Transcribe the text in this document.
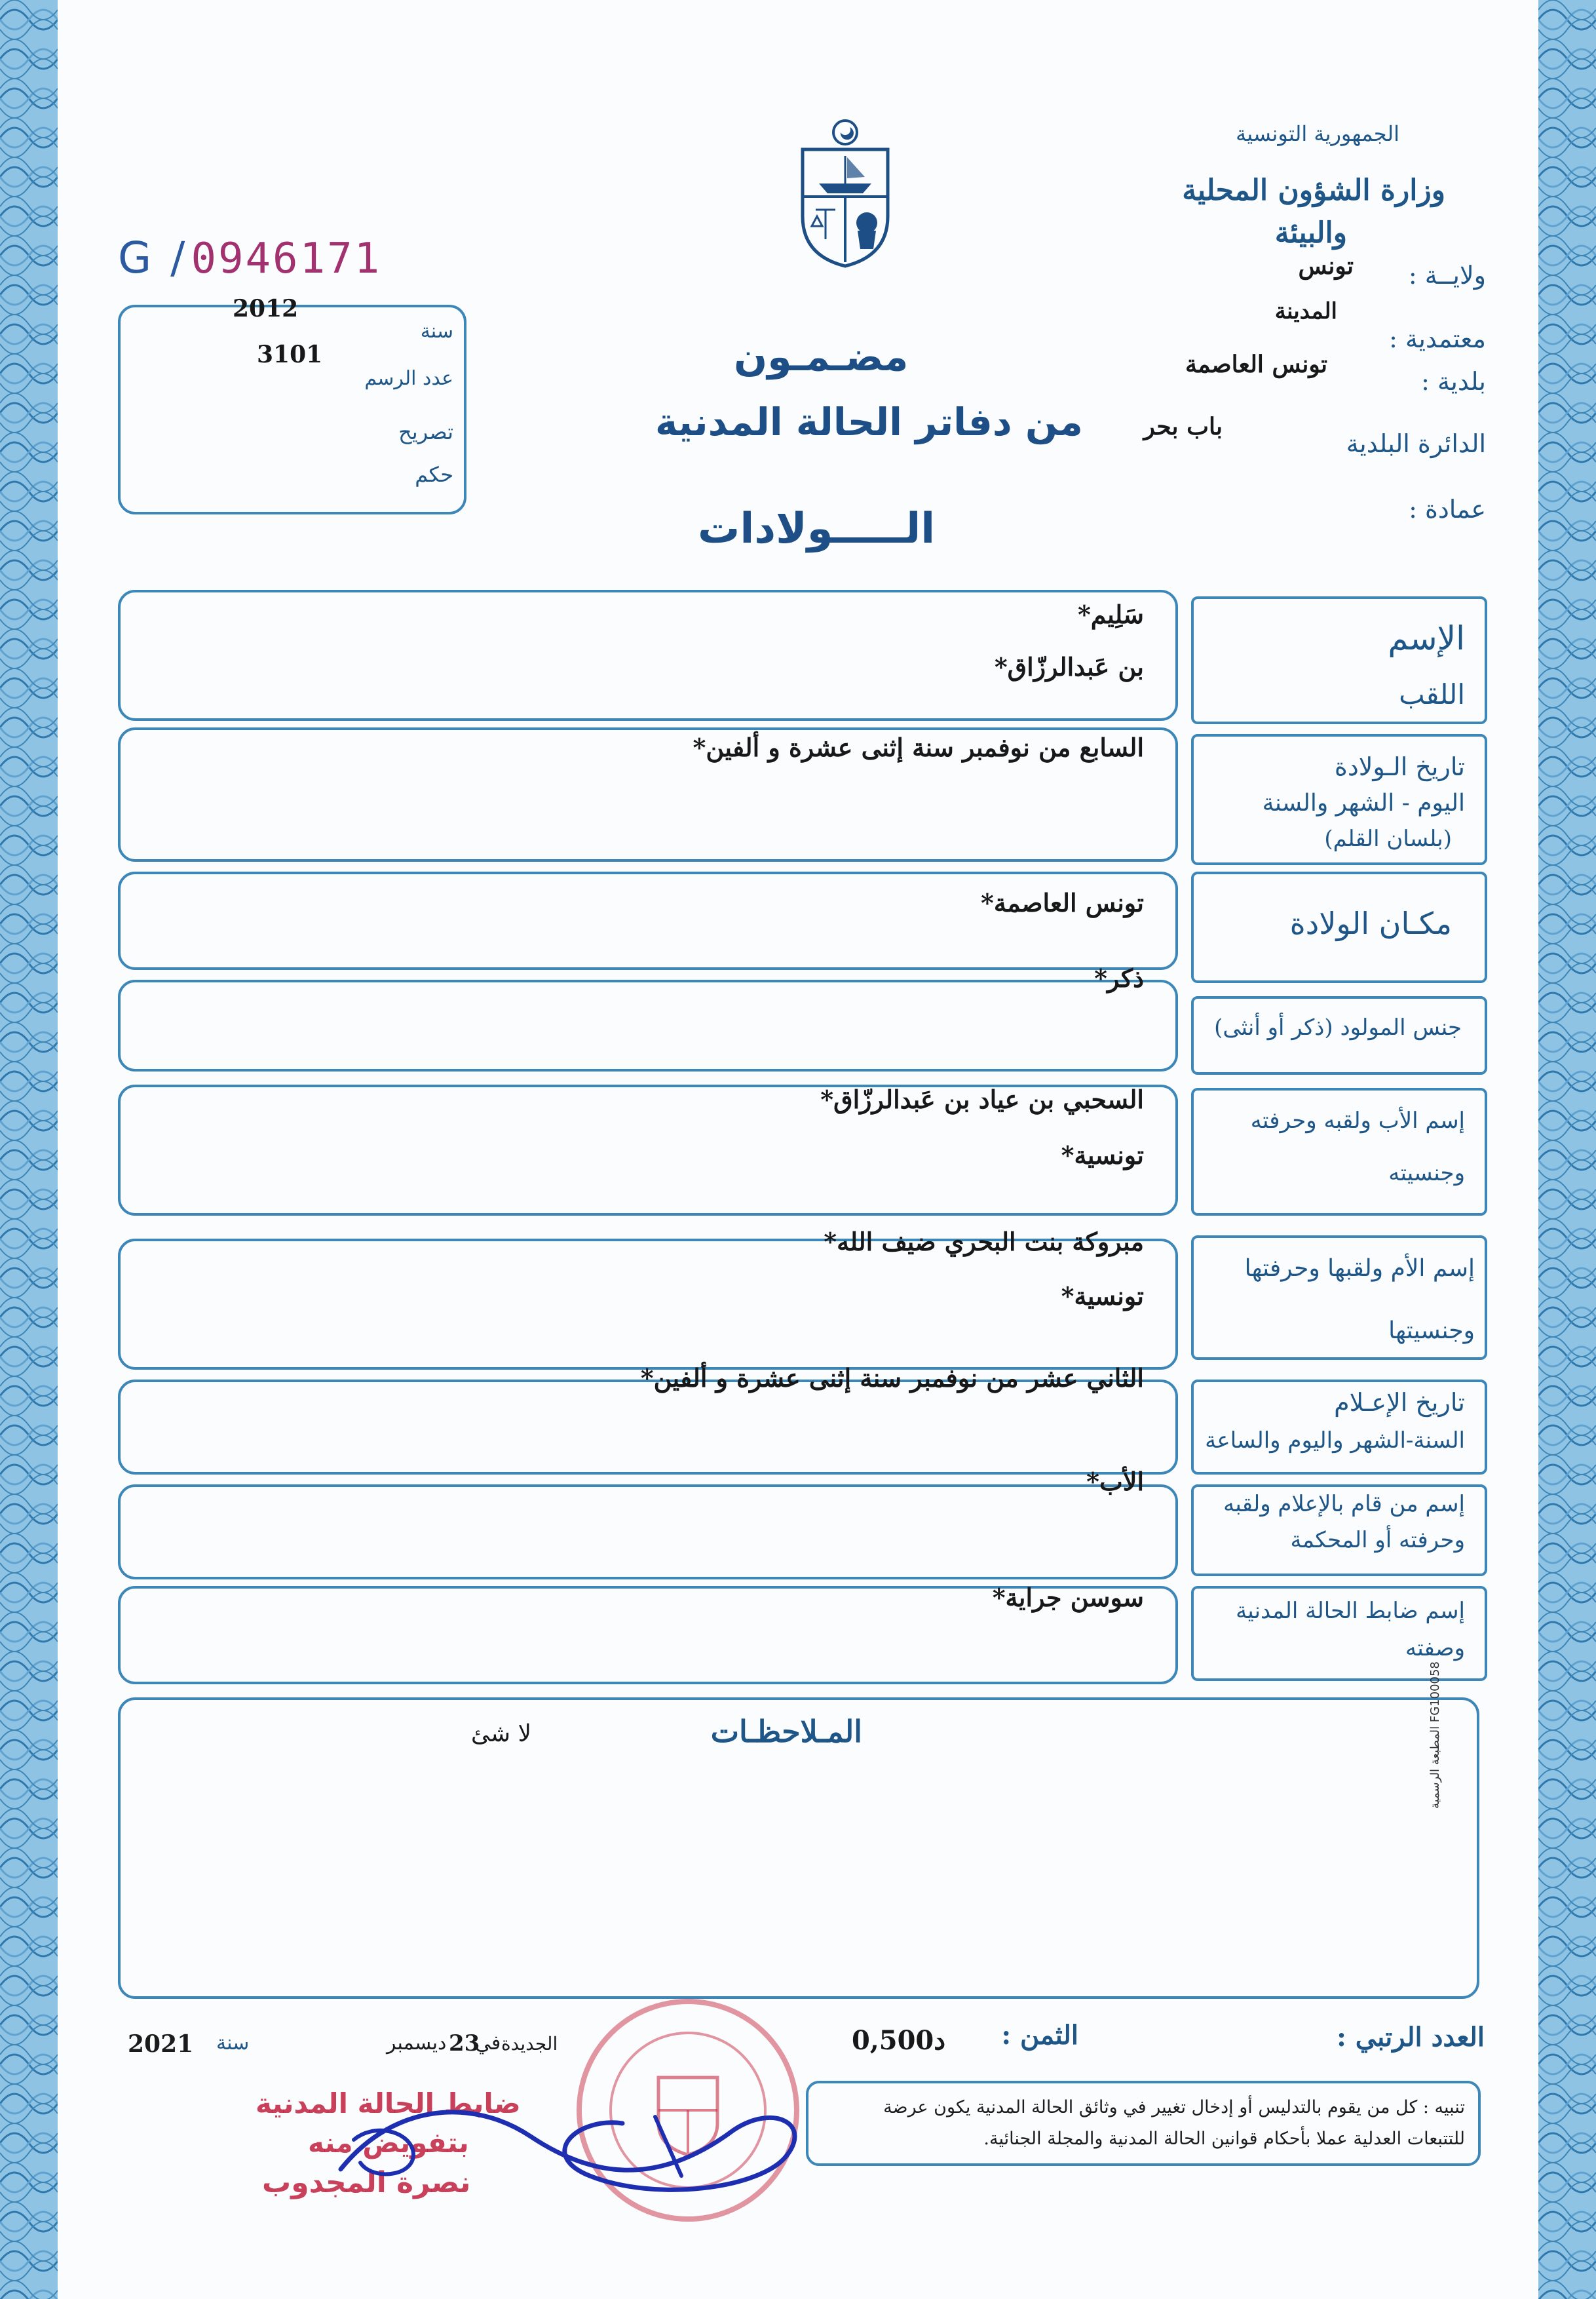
G / 0946171
2012
3101
سنة
عدد الرسم
تصريح
حكم
الجمهورية التونسية
وزارة الشؤون المحلية
والبيئة
ولايــة :
تونس
معتمدية :
المدينة
بلدية :
تونس العاصمة
الدائرة البلدية
باب بحر
عمادة :
مضـمـون
من دفاتر الحالة المدنية
الـــــولادات
الإسم
اللقب
سَلِيم*
بن عَبدالرزّاق*
تاريخ الـولادة
اليوم - الشهر والسنة
(بلسان القلم)
السابع من نوفمبر سنة إثنى عشرة و ألفين*
مكـان الولادة
تونس العاصمة*
جنس المولود (ذكر أو أنثى)
ذكر*
إسم الأب ولقبه وحرفته
وجنسيته
السحبي بن عياد بن عَبدالرزّاق*
تونسية*
إسم الأم ولقبها وحرفتها
وجنسيتها
مبروكة بنت البحري ضيف الله*
تونسية*
تاريخ الإعـلام
السنة-الشهر واليوم والساعة
الثاني عشر من نوفمبر سنة إثنى عشرة و ألفين*
إسم من قام بالإعلام ولقبه
وحرفته أو المحكمة
الأب*
إسم ضابط الحالة المدنية
وصفته
سوسن جراية*
المـلاحظـات
لا شئ	المطبعة الرسمية FG100058
العدد الرتبي :
الثمن :
0,500د
الجديدة
في
23
ديسمبر
سنة
2021
تنبيه : كل من يقوم بالتدليس أو إدخال تغيير في وثائق الحالة المدنية يكون عرضة
للتتبعات العدلية عملا بأحكام قوانين الحالة المدنية والمجلة الجنائية.
ضابط الحالة المدنية
بتفويض منه
نصرة المجدوب
